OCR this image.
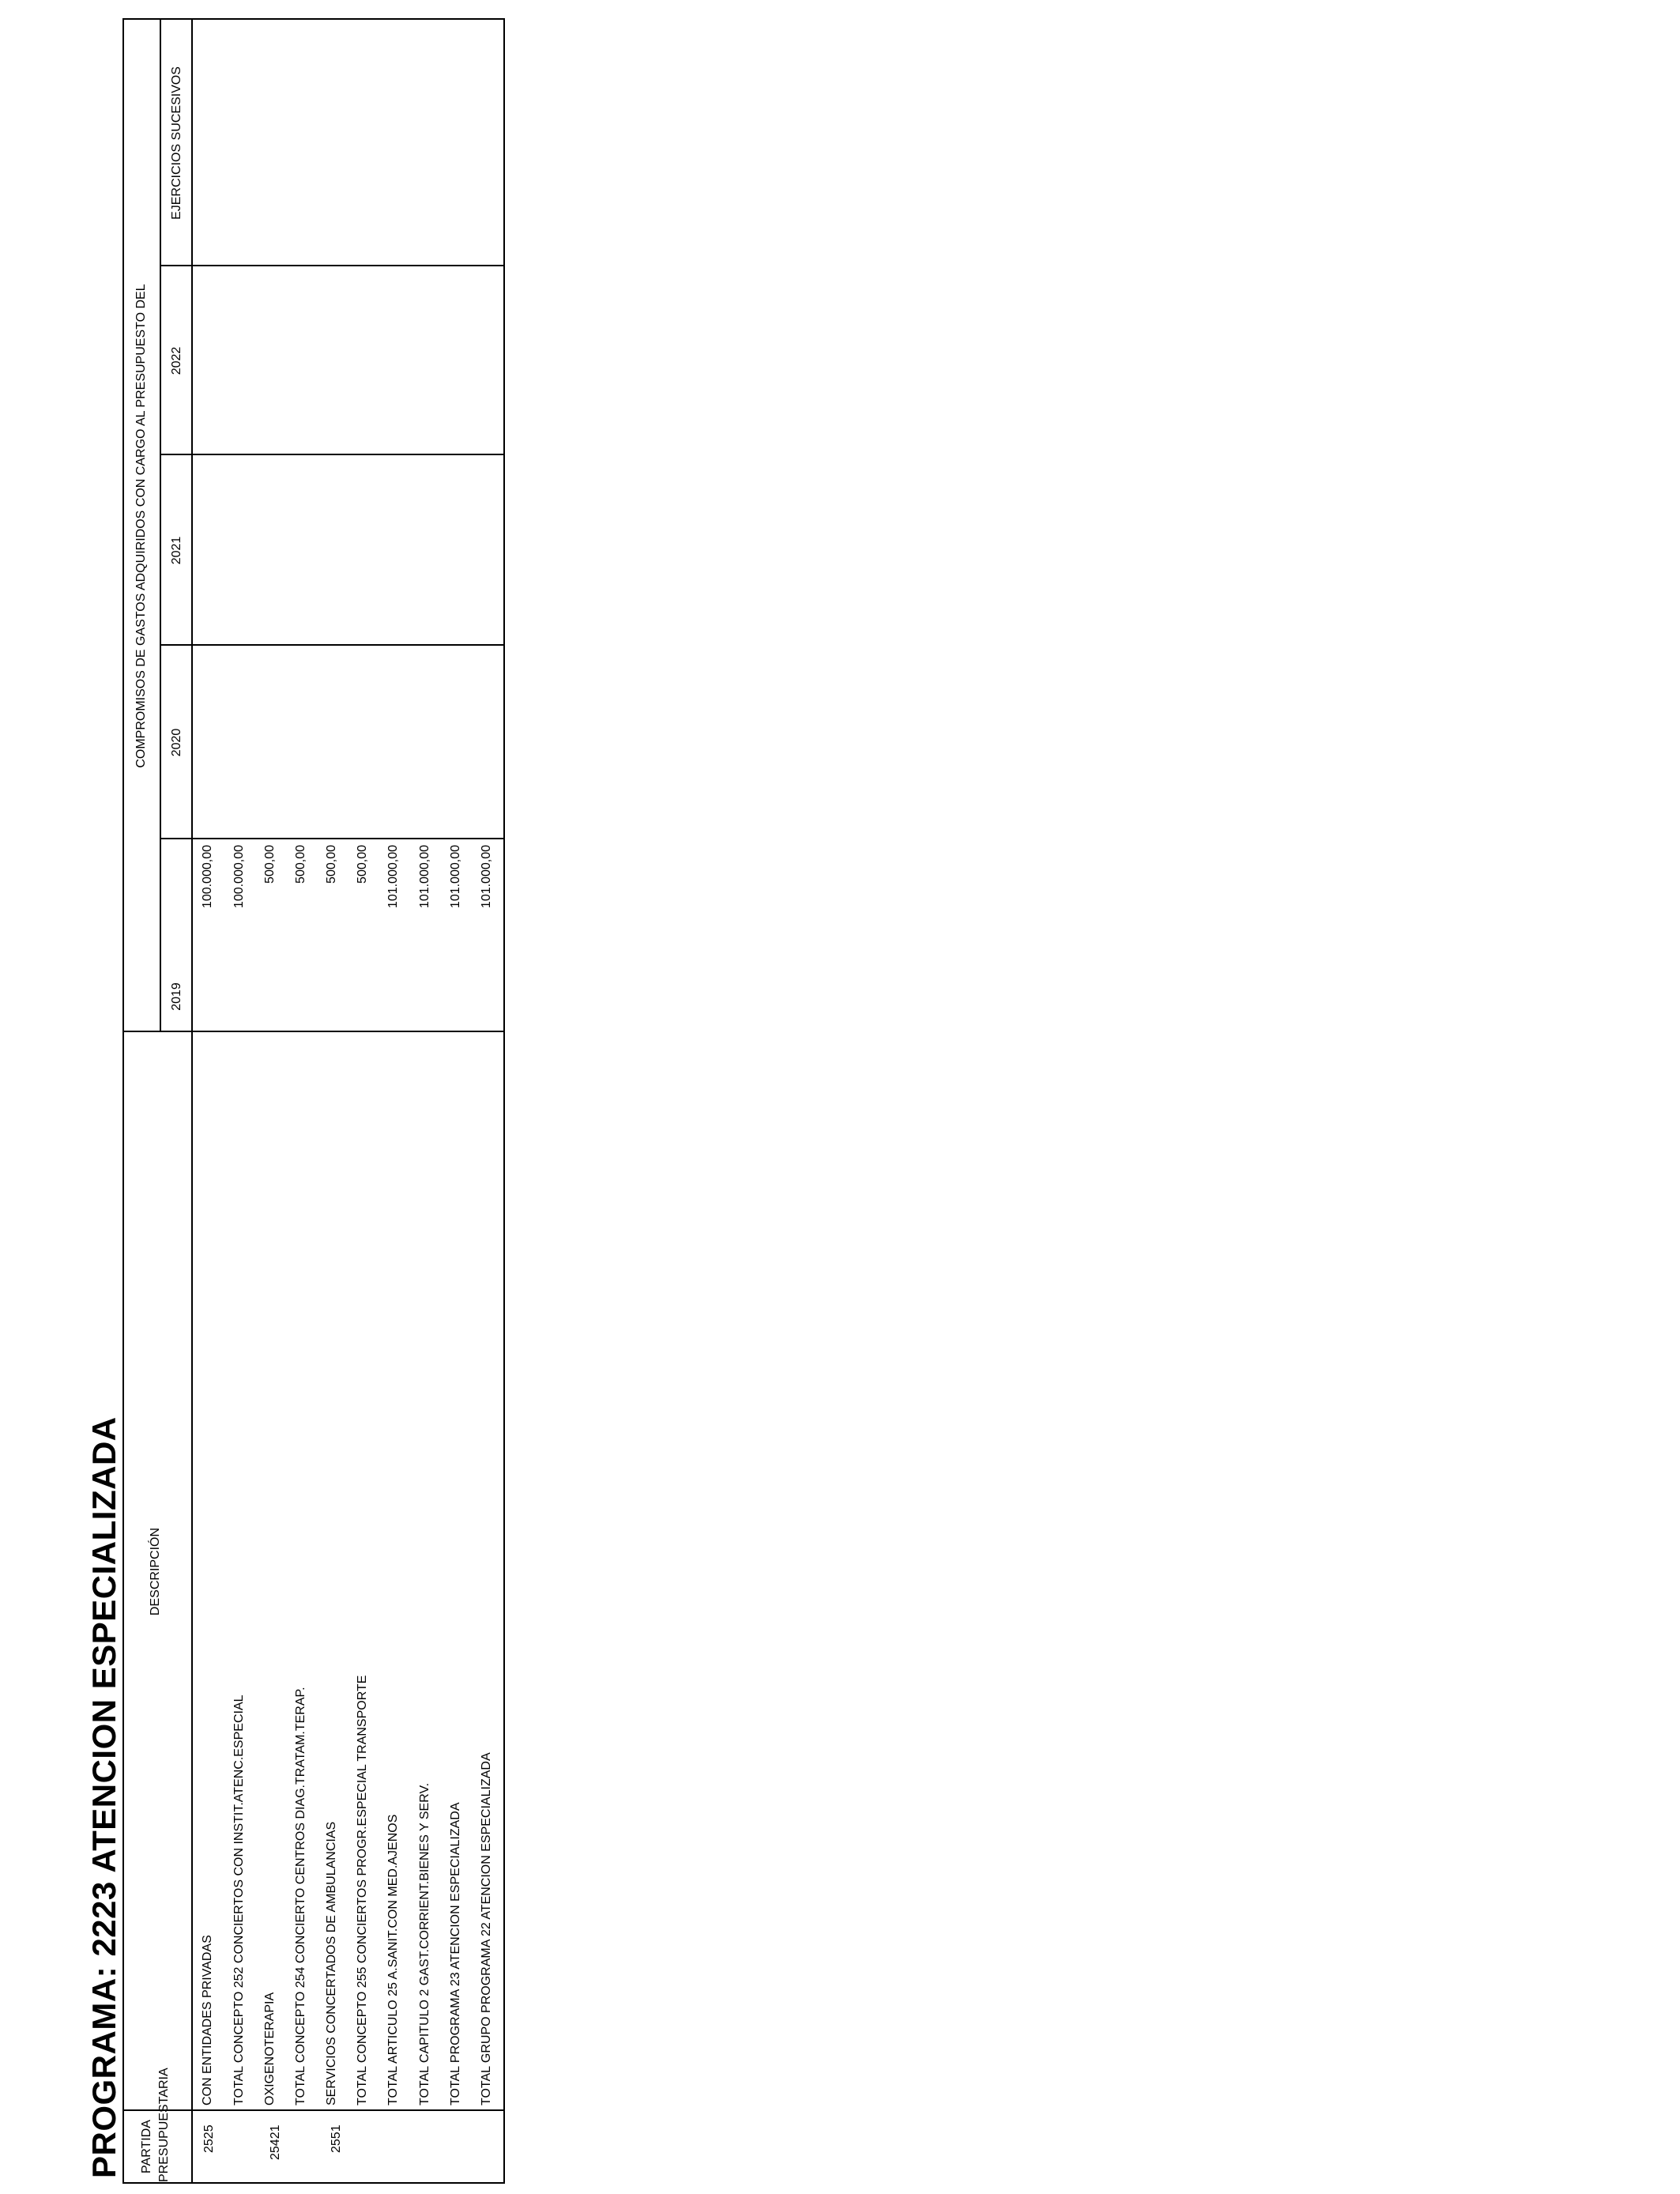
PROGRAMA: 2223 ATENCION ESPECIALIZADA PARTIDA PRESUPUESTARIA
DESCRIPCIÓN
COMPROMISOS DE GASTOS ADQUIRIDOS CON CARGO AL PRESUPUESTO DEL
2019
2020
2021
2022
EJERCICIOS SUCESIVOS
2525	25421	2551
CON ENTIDADES PRIVADAS TOTAL CONCEPTO 252 CONCIERTOS CON INSTIT.ATENC.ESPECIAL OXIGENOTERAPIA TOTAL CONCEPTO 254 CONCIERTO CENTROS DIAG.TRATAM.TERAP. SERVICIOS CONCERTADOS DE AMBULANCIAS TOTAL CONCEPTO 255 CONCIERTOS PROGR.ESPECIAL TRANSPORTE TOTAL ARTICULO 25 A.SANIT.CON MED.AJENOS TOTAL CAPITULO 2 GAST.CORRIENT.BIENES Y SERV. TOTAL PROGRAMA 23 ATENCION ESPECIALIZADA TOTAL GRUPO PROGRAMA 22 ATENCION ESPECIALIZADA
100.000,00 100.000,00 500,00 500,00 500,00 500,00 101.000,00 101.000,00 101.000,00 101.000,00
